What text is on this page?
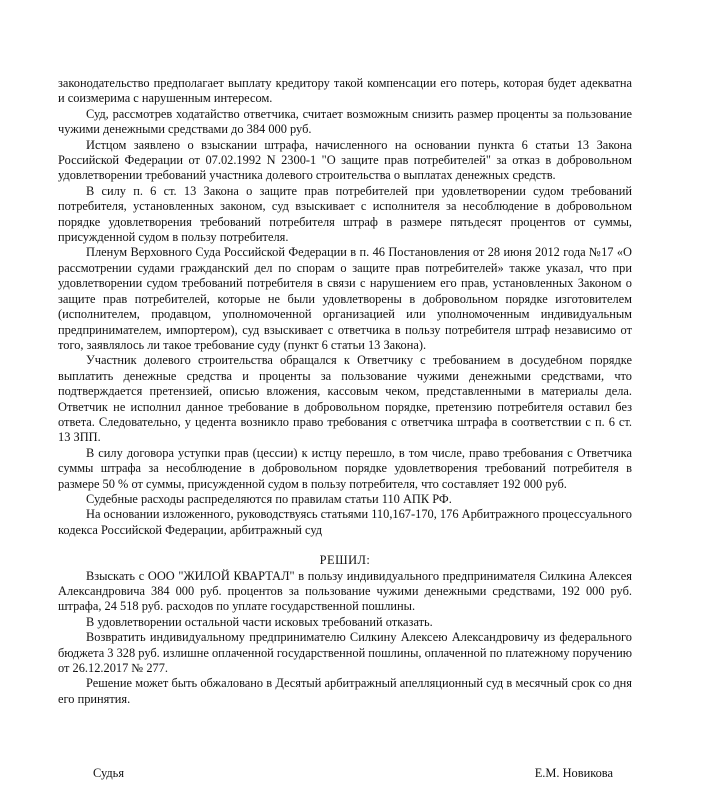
законодательство предполагает выплату кредитору такой компенсации его потерь, которая будет адекватна и соизмерима с нарушенным интересом.

Суд, рассмотрев ходатайство ответчика, считает возможным снизить размер проценты за пользование чужими денежными средствами до 384 000 руб.

Истцом заявлено о взыскании штрафа, начисленного на основании пункта 6 статьи 13 Закона Российской Федерации от 07.02.1992 N 2300-1 "О защите прав потребителей" за отказ в добровольном удовлетворении требований участника долевого строительства о выплатах денежных средств.

В силу п. 6 ст. 13 Закона о защите прав потребителей при удовлетворении судом требований потребителя, установленных законом, суд взыскивает с исполнителя за несоблюдение в добровольном порядке удовлетворения требований потребителя штраф в размере пятьдесят процентов от суммы, присужденной судом в пользу потребителя.

Пленум Верховного Суда Российской Федерации в п. 46 Постановления от 28 июня 2012 года №17 «О рассмотрении судами гражданский дел по спорам о защите прав потребителей» также указал, что при удовлетворении судом требований потребителя в связи с нарушением его прав, установленных Законом о защите прав потребителей, которые не были удовлетворены в добровольном порядке изготовителем (исполнителем, продавцом, уполномоченной организацией или уполномоченным индивидуальным предпринимателем, импортером), суд взыскивает с ответчика в пользу потребителя штраф независимо от того, заявлялось ли такое требование суду (пункт 6 статьи 13 Закона).

Участник долевого строительства обращался к Ответчику с требованием в досудебном порядке выплатить денежные средства и проценты за пользование чужими денежными средствами, что подтверждается претензией, описью вложения, кассовым чеком, представленными в материалы дела. Ответчик не исполнил данное требование в добровольном порядке, претензию потребителя оставил без ответа. Следовательно, у цедента возникло право требования с ответчика штрафа в соответствии с п. 6 ст. 13 ЗПП.

В силу договора уступки прав (цессии) к истцу перешло, в том числе, право требования с Ответчика суммы штрафа за несоблюдение в добровольном порядке удовлетворения требований потребителя в размере 50 % от суммы, присужденной судом в пользу потребителя, что составляет 192 000 руб.

Судебные расходы распределяются по правилам статьи 110 АПК РФ.

На основании изложенного, руководствуясь статьями 110,167-170, 176 Арбитражного процессуального кодекса Российской Федерации, арбитражный суд

РЕШИЛ:

Взыскать с ООО "ЖИЛОЙ КВАРТАЛ" в пользу индивидуального предпринимателя Силкина Алексея Александровича 384 000 руб. процентов за пользование чужими денежными средствами, 192 000 руб. штрафа, 24 518 руб. расходов по уплате государственной пошлины.

В удовлетворении остальной части исковых требований отказать.

Возвратить индивидуальному предпринимателю Силкину Алексею Александровичу из федерального бюджета 3 328 руб. излишне оплаченной государственной пошлины, оплаченной по платежному поручению от 26.12.2017 № 277.

Решение может быть обжаловано в Десятый арбитражный апелляционный суд в месячный срок со дня его принятия.

Судья	Е.М. Новикова
